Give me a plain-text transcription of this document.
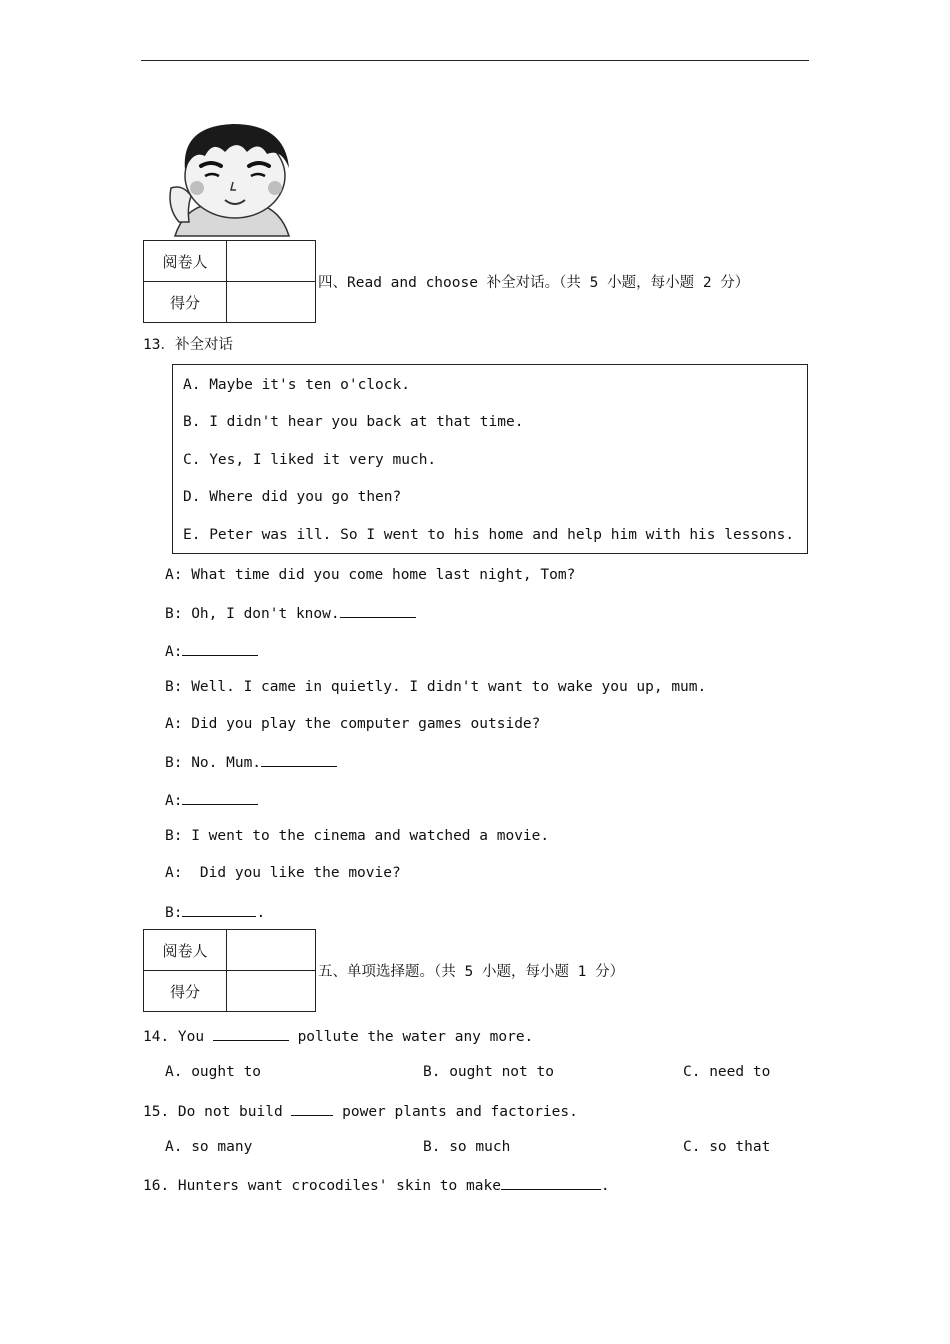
阅卷人	
得分	
四、Read and choose 补全对话。（共 5 小题，每小题 2 分）
13．补全对话
A. Maybe it's ten o'clock.
B. I didn't hear you back at that time.
C. Yes, I liked it very much.
D. Where did you go then?
E. Peter was ill. So I went to his home and help him with his lessons.
A: What time did you come home last night, Tom?
B: Oh, I don't know.
A:
B: Well. I came in quietly. I didn't want to wake you up, mum.
A: Did you play the computer games outside?
B: No. Mum.
A:
B: I went to the cinema and watched a movie.
A:  Did you like the movie?
B:	.
阅卷人	
得分	
五、单项选择题。（共 5 小题，每小题 1 分）
14. You	pollute the water any more.
A. ought to	B. ought not to	C. need to
15. Do not build	power plants and factories.
A. so many	B. so much	C. so that
16. Hunters want crocodiles' skin to make	.
